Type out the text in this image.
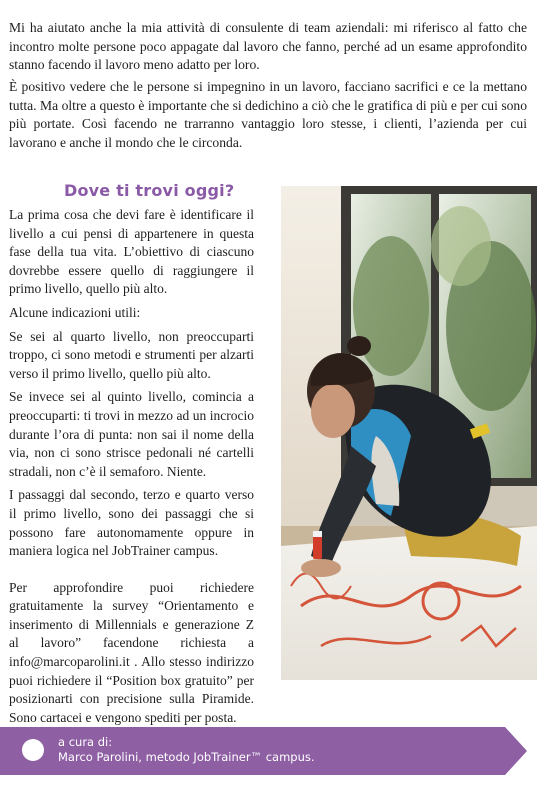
Mi ha aiutato anche la mia attività di consulente di team aziendali: mi riferisco al fatto che incontro molte persone poco appagate dal lavoro che fanno, perché ad un esame approfondito stanno facendo il lavoro meno adatto per loro.

È positivo vedere che le persone si impegnino in un lavoro, facciano sacrifici e ce la mettano tutta. Ma oltre a questo è importante che si dedichino a ciò che le gratifica di più e per cui sono più portate. Così facendo ne trarranno vantaggio loro stesse, i clienti, l’azienda per cui lavorano e anche il mondo che le circonda.

Dove ti trovi oggi?

La prima cosa che devi fare è identificare il livello a cui pensi di appartenere in questa fase della tua vita. L’obiettivo di ciascuno dovrebbe essere quello di raggiungere il primo livello, quello più alto.

Alcune indicazioni utili:

Se sei al quarto livello, non preoccuparti troppo, ci sono metodi e strumenti per alzarti verso il primo livello, quello più alto.

Se invece sei al quinto livello, comincia a preoccuparti: ti trovi in mezzo ad un incrocio durante l’ora di punta: non sai il nome della via, non ci sono strisce pedonali né cartelli stradali, non c’è il semaforo. Niente.

I passaggi dal secondo, terzo e quarto verso il primo livello, sono dei passaggi che si possono fare autonomamente oppure in maniera logica nel JobTrainer campus.

Per approfondire puoi richiedere gratuitamente la survey “Orientamento e inserimento di Millennials e generazione Z al lavoro” facendone richiesta a info@marcoparolini.it . Allo stesso indirizzo puoi richiedere il “Position box gratuito” per posizionarti con precisione sulla Piramide. Sono cartacei e vengono spediti per posta.

a cura di:
Marco Parolini, metodo JobTrainer™ campus.
